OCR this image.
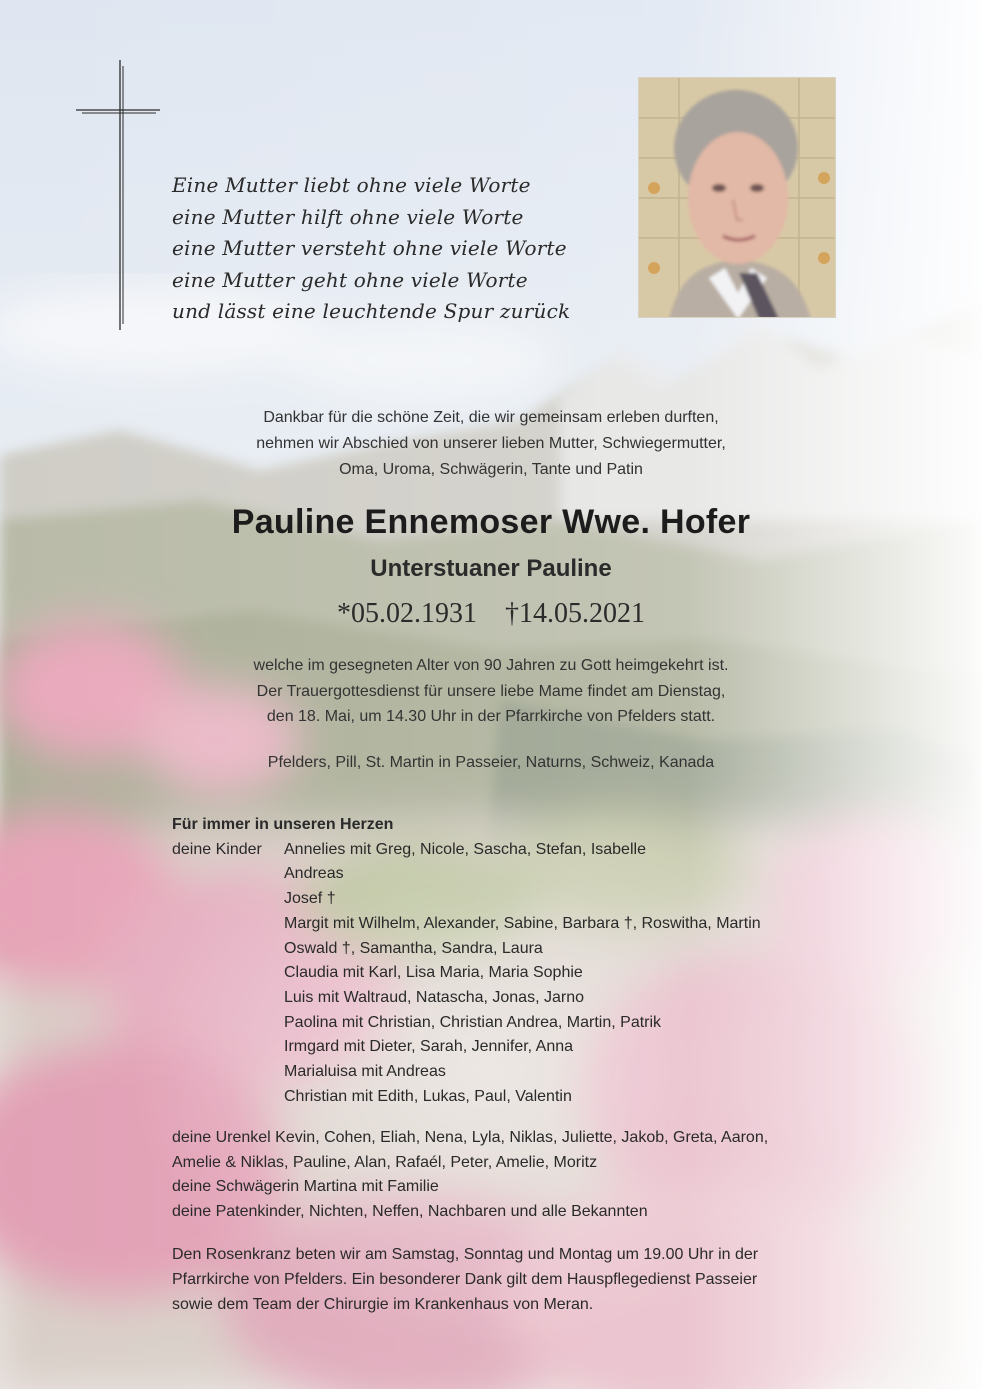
Eine Mutter liebt ohne viele Worte
eine Mutter hilft ohne viele Worte
eine Mutter versteht ohne viele Worte
eine Mutter geht ohne viele Worte
und lässt eine leuchtende Spur zurück
Dankbar für die schöne Zeit, die wir gemeinsam erleben durften,
nehmen wir Abschied von unserer lieben Mutter, Schwiegermutter,
Oma, Uroma, Schwägerin, Tante und Patin
Pauline Ennemoser Wwe. Hofer
Unterstuaner Pauline
*05.02.1931 †14.05.2021
welche im gesegneten Alter von 90 Jahren zu Gott heimgekehrt ist.
Der Trauergottesdienst für unsere liebe Mame findet am Dienstag,
den 18. Mai, um 14.30 Uhr in der Pfarrkirche von Pfelders statt.
Pfelders, Pill, St. Martin in Passeier, Naturns, Schweiz, Kanada
Für immer in unseren Herzen
deine Kinder	Annelies mit Greg, Nicole, Sascha, Stefan, Isabelle
Andreas
Josef †
Margit mit Wilhelm, Alexander, Sabine, Barbara †, Roswitha, Martin
Oswald †, Samantha, Sandra, Laura
Claudia mit Karl, Lisa Maria, Maria Sophie
Luis mit Waltraud, Natascha, Jonas, Jarno
Paolina mit Christian, Christian Andrea, Martin, Patrik
Irmgard mit Dieter, Sarah, Jennifer, Anna
Marialuisa mit Andreas
Christian mit Edith, Lukas, Paul, Valentin
deine Urenkel Kevin, Cohen, Eliah, Nena, Lyla, Niklas, Juliette, Jakob, Greta, Aaron,
Amelie & Niklas, Pauline, Alan, Rafaél, Peter, Amelie, Moritz
deine Schwägerin Martina mit Familie
deine Patenkinder, Nichten, Neffen, Nachbaren und alle Bekannten
Den Rosenkranz beten wir am Samstag, Sonntag und Montag um 19.00 Uhr in der
Pfarrkirche von Pfelders. Ein besonderer Dank gilt dem Hauspflegedienst Passeier
sowie dem Team der Chirurgie im Krankenhaus von Meran.
